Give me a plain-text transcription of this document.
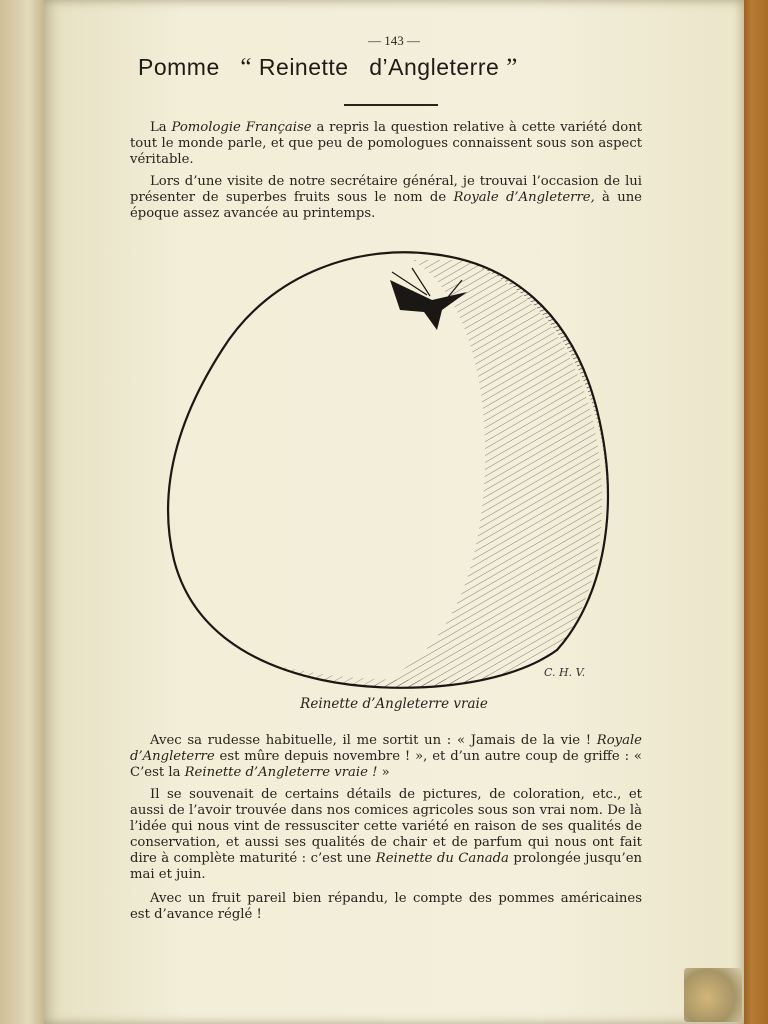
— 143 —
Pomme “ Reinette d’Angleterre ”
La Pomologie Française a repris la question relative à cette variété dont tout le monde parle, et que peu de pomologues connaissent sous son aspect véritable.
Lors d’une visite de notre secrétaire général, je trouvai l’occasion de lui présenter de superbes fruits sous le nom de Royale d’Angleterre, à une époque assez avancée au printemps.
C. H. V.
Reinette d’Angleterre vraie
Avec sa rudesse habituelle, il me sortit un : « Jamais de la vie ! Royale d’Angleterre est mûre depuis novembre ! », et d’un autre coup de griffe : « C’est la Reinette d’Angleterre vraie ! »
Il se souvenait de certains détails de pictures, de coloration, etc., et aussi de l’avoir trouvée dans nos comices agricoles sous son vrai nom. De là l’idée qui nous vint de ressusciter cette variété en raison de ses qualités de conservation, et aussi ses qualités de chair et de parfum qui nous ont fait dire à complète maturité : c’est une Reinette du Canada prolongée jusqu’en mai et juin.
Avec un fruit pareil bien répandu, le compte des pommes américaines est d’avance réglé !
